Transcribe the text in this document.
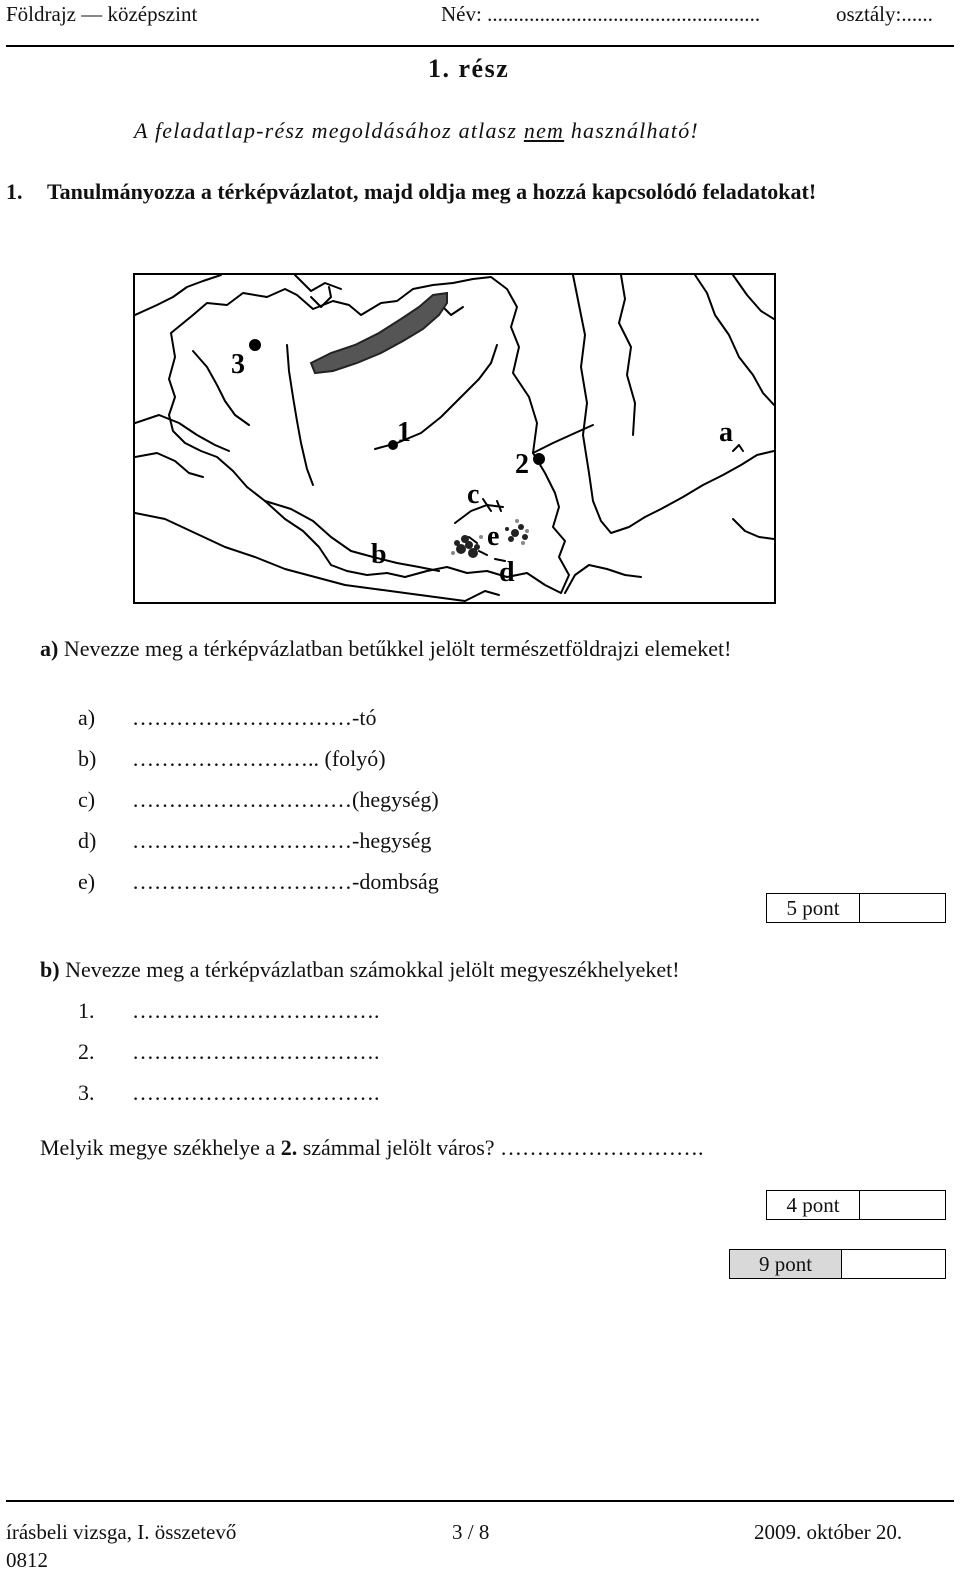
Földrajz — középszint	Név: ....................................................	osztály:......
1. rész
A feladatlap-rész megoldásához atlasz nem használható!
1. Tanulmányozza a térképvázlatot, majd oldja meg a hozzá kapcsolódó feladatokat!
3
1
2
a
b
c
e
d
a) Nevezze meg a térképvázlatban betűkkel jelölt természetföldrajzi elemeket!
a) …………………………-tó
b) …………………….. (folyó)
c) …………………………(hegység)
d) …………………………-hegység
e) …………………………-dombság
5 pont
b) Nevezze meg a térképvázlatban számokkal jelölt megyeszékhelyeket!
1. …………………………….
2. …………………………….
3. …………………………….
Melyik megye székhelye a 2. számmal jelölt város? ……………………….
4 pont
9 pont
írásbeli vizsga, I. összetevő	3 / 8	2009. október 20.
0812
